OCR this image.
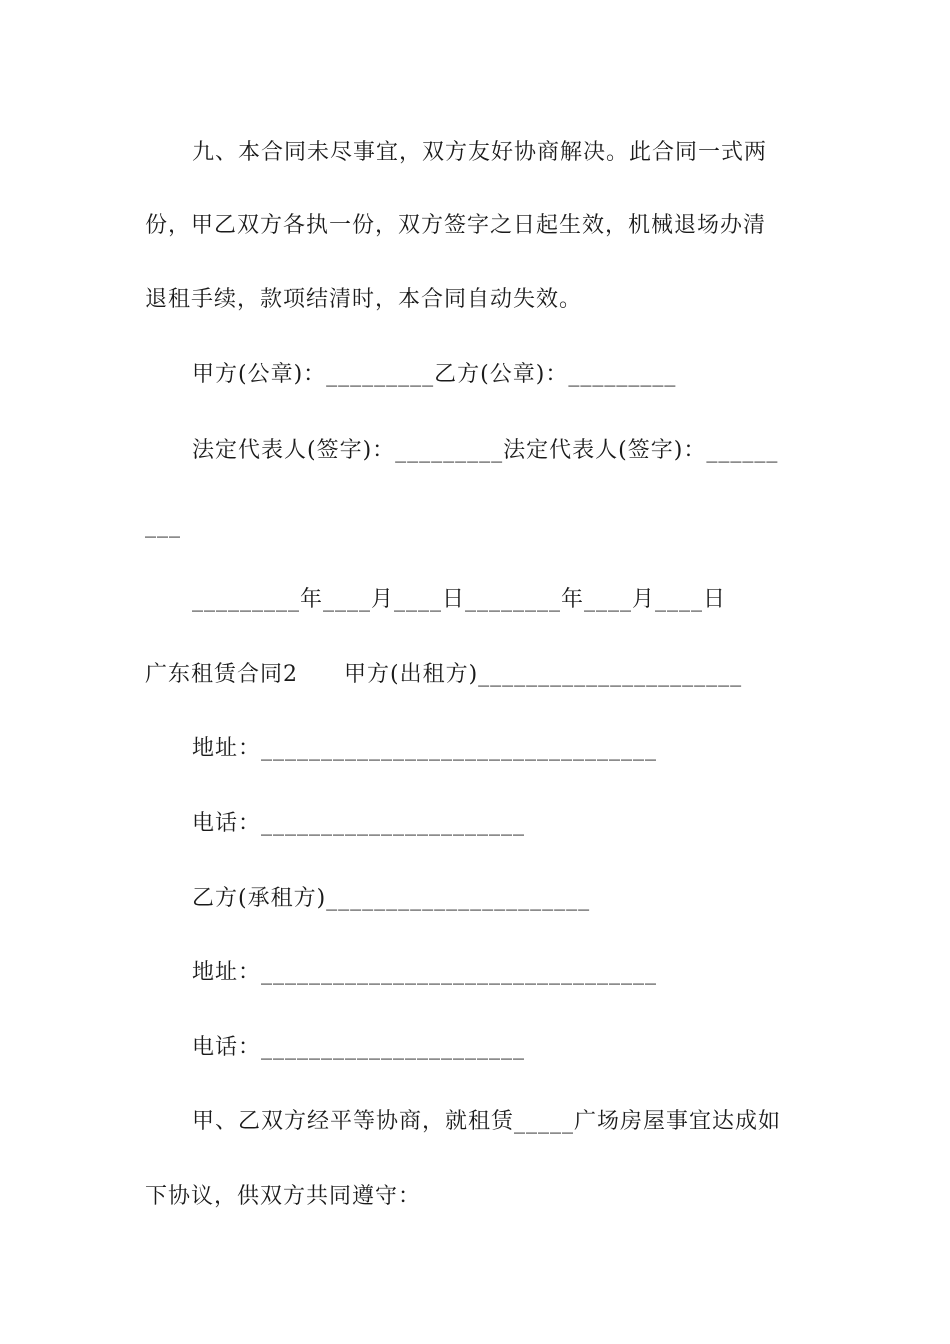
九、本合同未尽事宜，双方友好协商解决。此合同一式两
份，甲乙双方各执一份，双方签字之日起生效，机械退场办清
退租手续，款项结清时，本合同自动失效。
甲方(公章)：_________乙方(公章)：_________
法定代表人(签字)：_________法定代表人(签字)：______
___
_________年____月____日________年____月____日
广东租赁合同2　　甲方(出租方)______________________
地址：_________________________________
电话：______________________
乙方(承租方)______________________
地址：_________________________________
电话：______________________
甲、乙双方经平等协商，就租赁_____广场房屋事宜达成如
下协议，供双方共同遵守：
